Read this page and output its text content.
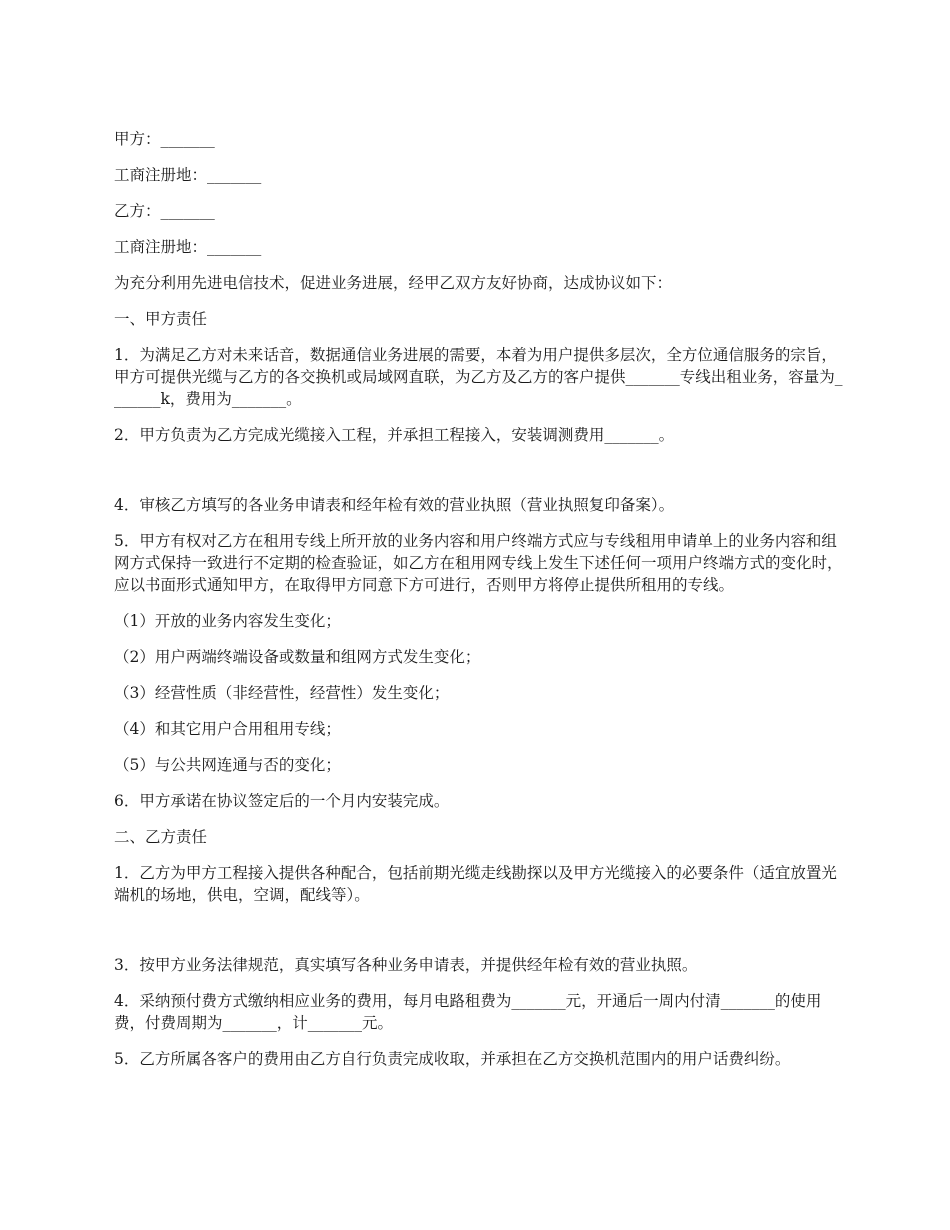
甲方：_______

工商注册地：_______

乙方：_______

工商注册地：_______

为充分利用先进电信技术，促进业务进展，经甲乙双方友好协商，达成协议如下：

一、甲方责任

1．为满足乙方对未来话音，数据通信业务进展的需要，本着为用户提供多层次，全方位通信服务的宗旨，甲方可提供光缆与乙方的各交换机或局域网直联，为乙方及乙方的客户提供_______专线出租业务，容量为_______k，费用为_______。

2．甲方负责为乙方完成光缆接入工程，并承担工程接入，安装调测费用_______。

4．审核乙方填写的各业务申请表和经年检有效的营业执照（营业执照复印备案）。

5．甲方有权对乙方在租用专线上所开放的业务内容和用户终端方式应与专线租用申请单上的业务内容和组网方式保持一致进行不定期的检查验证，如乙方在租用网专线上发生下述任何一项用户终端方式的变化时，应以书面形式通知甲方，在取得甲方同意下方可进行，否则甲方将停止提供所租用的专线。

（1）开放的业务内容发生变化；

（2）用户两端终端设备或数量和组网方式发生变化；

（3）经营性质（非经营性，经营性）发生变化；

（4）和其它用户合用租用专线；

（5）与公共网连通与否的变化；

6．甲方承诺在协议签定后的一个月内安装完成。

二、乙方责任

1．乙方为甲方工程接入提供各种配合，包括前期光缆走线勘探以及甲方光缆接入的必要条件（适宜放置光端机的场地，供电，空调，配线等）。

3．按甲方业务法律规范，真实填写各种业务申请表，并提供经年检有效的营业执照。

4．采纳预付费方式缴纳相应业务的费用，每月电路租费为_______元，开通后一周内付清_______的使用费，付费周期为_______，计_______元。

5．乙方所属各客户的费用由乙方自行负责完成收取，并承担在乙方交换机范围内的用户话费纠纷。
